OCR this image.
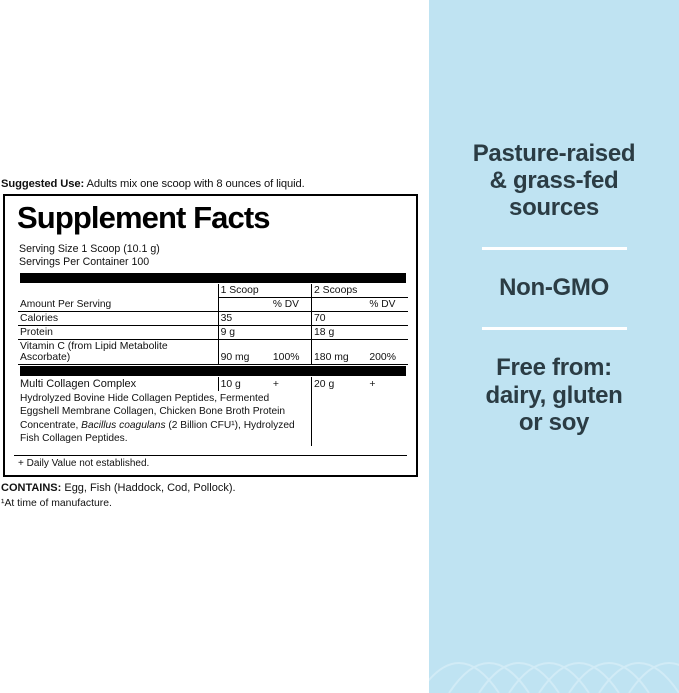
Suggested Use: Adults mix one scoop with 8 ounces of liquid.
Supplement Facts
Serving Size 1 Scoop (10.1 g)
Servings Per Container 100

	1 Scoop		2 Scoops	
Amount Per Serving		% DV		% DV
Calories	35		70	
Protein	9 g		18 g	
Vitamin C (from Lipid Metabolite Ascorbate)	90 mg	100%	180 mg	200%

Multi Collagen Complex	10 g	+	20 g	+
Hydrolyzed Bovine Hide Collagen Peptides, Fermented Eggshell Membrane Collagen, Chicken Bone Broth Protein Concentrate, Bacillus coagulans (2 Billion CFU¹), Hydrolyzed Fish Collagen Peptides.				
+ Daily Value not established.
CONTAINS: Egg, Fish (Haddock, Cod, Pollock).
¹At time of manufacture.
Pasture-raised
& grass-fed
sources
Non-GMO
Free from:
dairy, gluten
or soy
